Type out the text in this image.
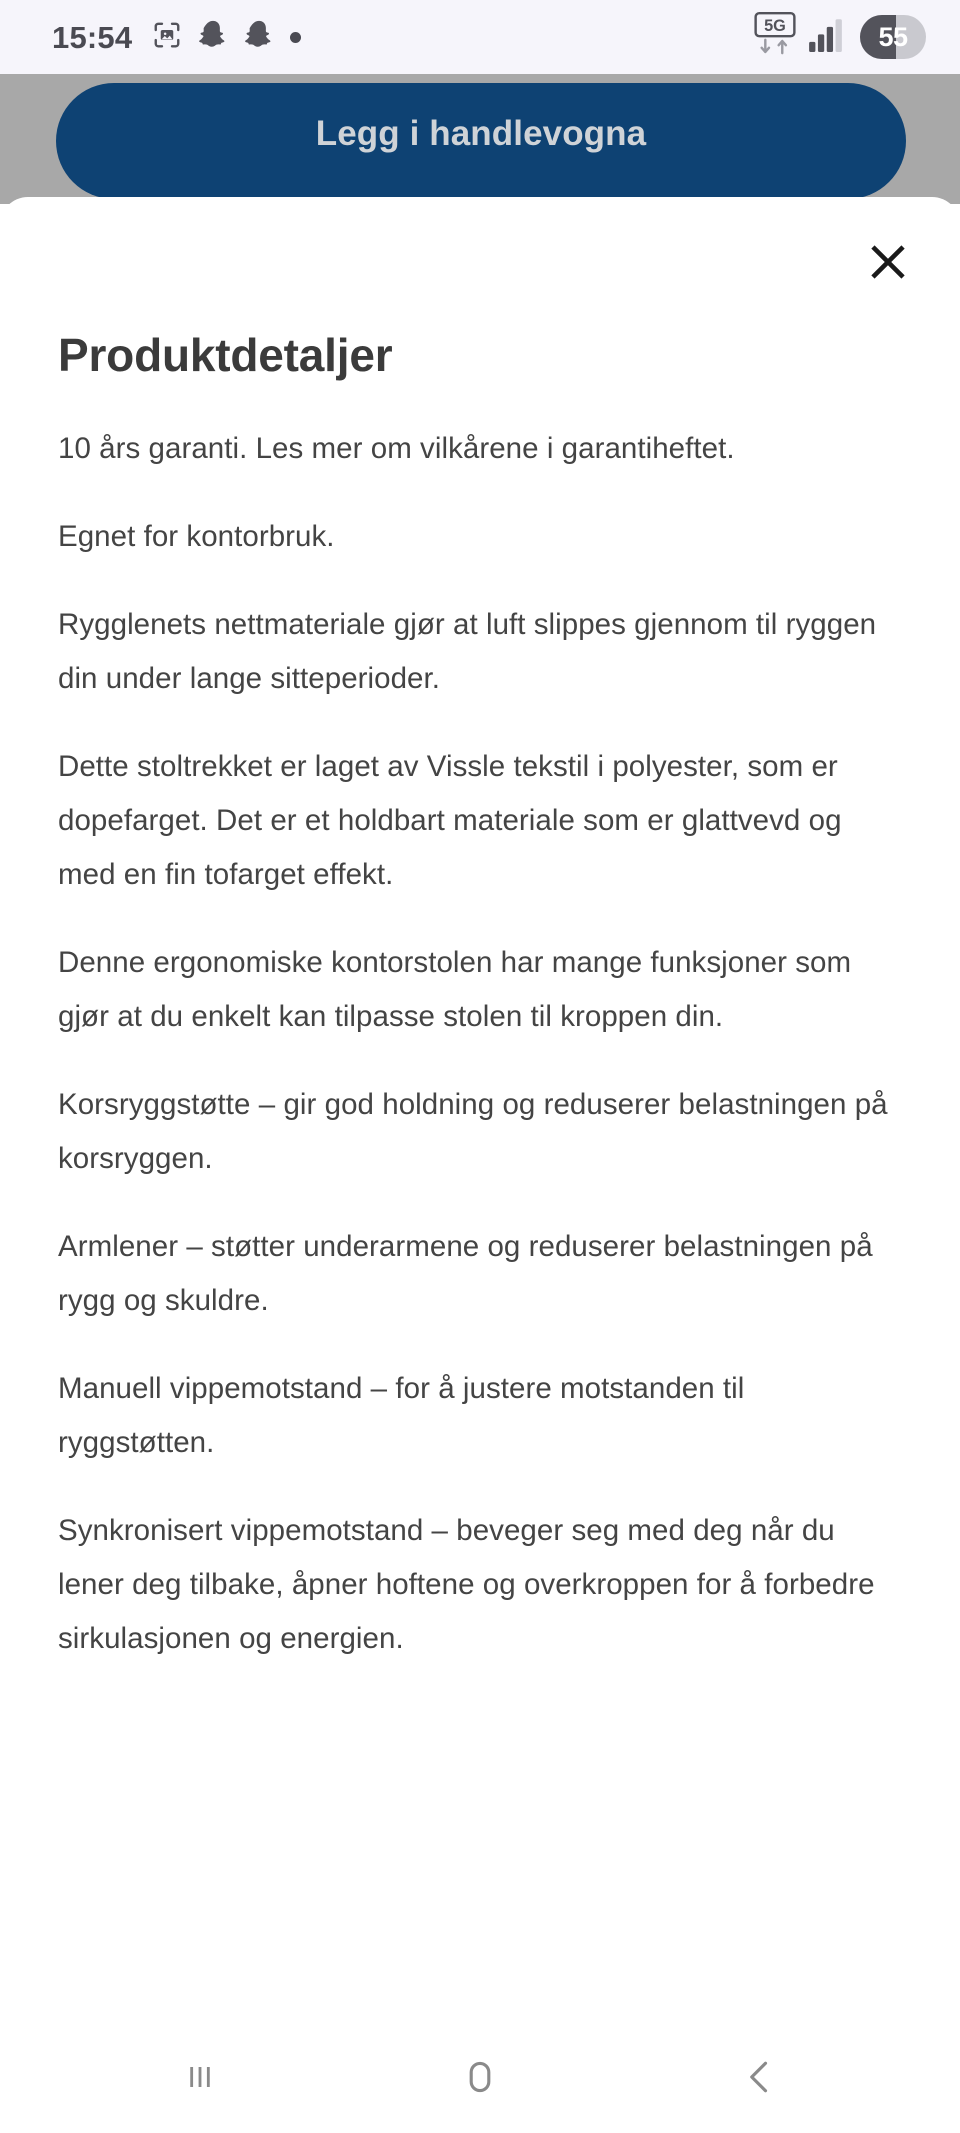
15:54	5G	55
Legg i handlevogna
Produktdetaljer

10 års garanti. Les mer om vilkårene i garantiheftet.

Egnet for kontorbruk.

Rygglenets nettmateriale gjør at luft slippes gjennom til ryggen din under lange sitteperioder.

Dette stoltrekket er laget av Vissle tekstil i polyester, som er dopefarget. Det er et holdbart materiale som er glattvevd og med en fin tofarget effekt.

Denne ergonomiske kontorstolen har mange funksjoner som gjør at du enkelt kan tilpasse stolen til kroppen din.

Korsryggstøtte – gir god holdning og reduserer belastningen på korsryggen.

Armlener – støtter underarmene og reduserer belastningen på rygg og skuldre.

Manuell vippemotstand – for å justere motstanden til ryggstøtten.

Synkronisert vippemotstand – beveger seg med deg når du lener deg tilbake, åpner hoftene og overkroppen for å forbedre sirkulasjonen og energien.
